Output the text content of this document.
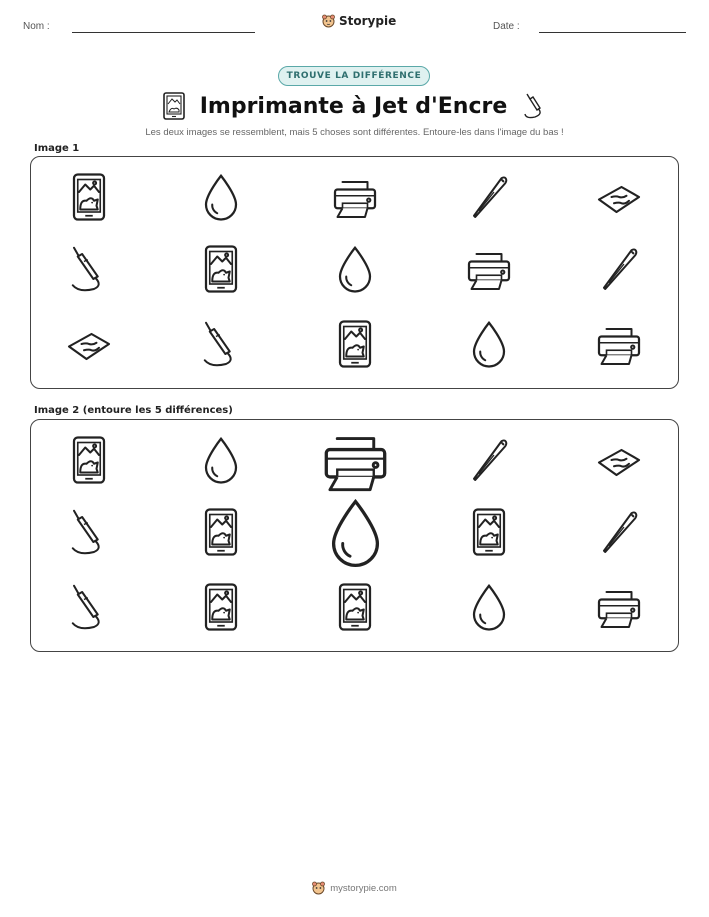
Nom :	Storypie	Date :
TROUVE LA DIFFÉRENCE
Imprimante à Jet d'Encre
Les deux images se ressemblent, mais 5 choses sont différentes. Entoure-les dans l'image du bas !
Image 1
Image 2 (entoure les 5 différences)
mystorypie.com
